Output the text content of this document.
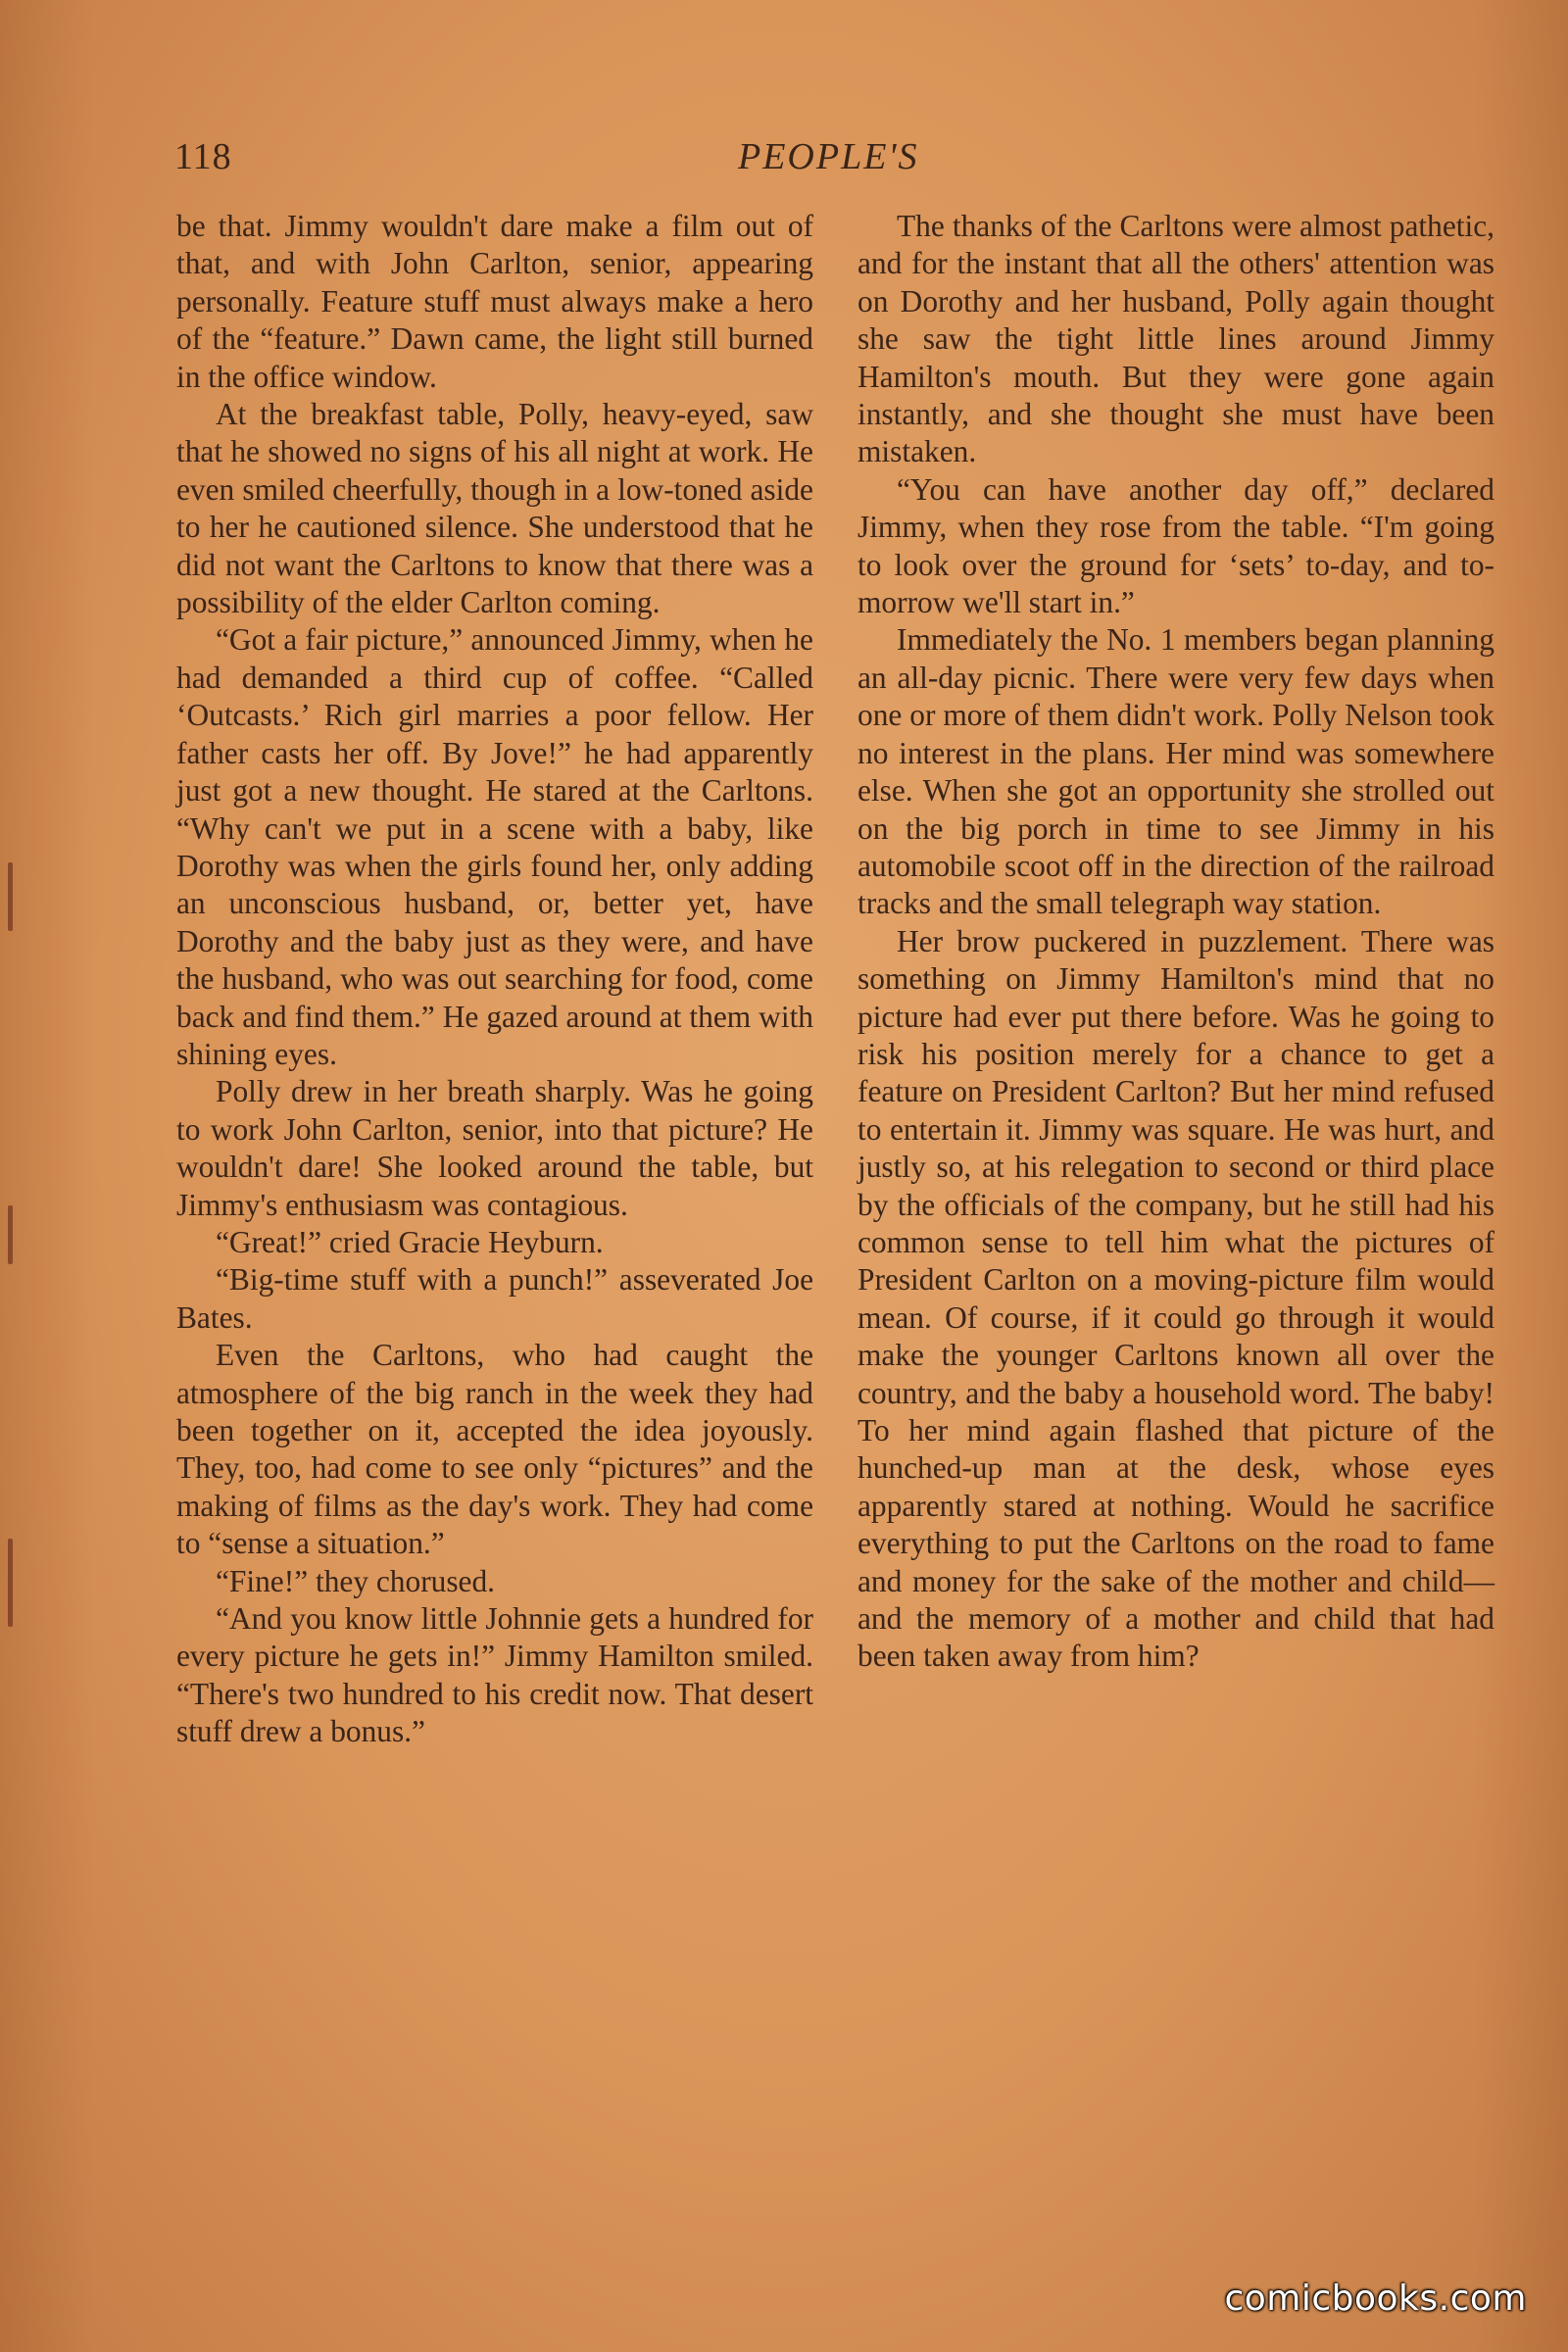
118	PEOPLE'S

be that. Jimmy wouldn't dare make a film out of that, and with John Carlton, senior, appearing personally. Feature stuff must always make a hero of the “feature.” Dawn came, the light still burned in the office window.

At the breakfast table, Polly, heavy-eyed, saw that he showed no signs of his all night at work. He even smiled cheerfully, though in a low-toned aside to her he cautioned silence. She understood that he did not want the Carltons to know that there was a possibility of the elder Carlton coming.

“Got a fair picture,” announced Jimmy, when he had demanded a third cup of coffee. “Called ‘Outcasts.’ Rich girl marries a poor fellow. Her father casts her off. By Jove!” he had apparently just got a new thought. He stared at the Carltons. “Why can't we put in a scene with a baby, like Dorothy was when the girls found her, only adding an unconscious husband, or, better yet, have Dorothy and the baby just as they were, and have the husband, who was out searching for food, come back and find them.” He gazed around at them with shining eyes.

Polly drew in her breath sharply. Was he going to work John Carlton, senior, into that picture? He wouldn't dare! She looked around the table, but Jimmy's enthusiasm was contagious.

“Great!” cried Gracie Heyburn.

“Big-time stuff with a punch!” asseverated Joe Bates.

Even the Carltons, who had caught the atmosphere of the big ranch in the week they had been together on it, accepted the idea joyously. They, too, had come to see only “pictures” and the making of films as the day's work. They had come to “sense a situation.”

“Fine!” they chorused.

“And you know little Johnnie gets a hundred for every picture he gets in!” Jimmy Hamilton smiled. “There's two hundred to his credit now. That desert stuff drew a bonus.”

The thanks of the Carltons were almost pathetic, and for the instant that all the others' attention was on Dorothy and her husband, Polly again thought she saw the tight little lines around Jimmy Hamilton's mouth. But they were gone again instantly, and she thought she must have been mistaken.

“You can have another day off,” declared Jimmy, when they rose from the table. “I'm going to look over the ground for ‘sets’ to-day, and to-morrow we'll start in.”

Immediately the No. 1 members began planning an all-day picnic. There were very few days when one or more of them didn't work. Polly Nelson took no interest in the plans. Her mind was somewhere else. When she got an opportunity she strolled out on the big porch in time to see Jimmy in his automobile scoot off in the direction of the railroad tracks and the small telegraph way station.

Her brow puckered in puzzlement. There was something on Jimmy Hamilton's mind that no picture had ever put there before. Was he going to risk his position merely for a chance to get a feature on President Carlton? But her mind refused to entertain it. Jimmy was square. He was hurt, and justly so, at his relegation to second or third place by the officials of the company, but he still had his common sense to tell him what the pictures of President Carlton on a moving-picture film would mean. Of course, if it could go through it would make the younger Carltons known all over the country, and the baby a household word. The baby! To her mind again flashed that picture of the hunched-up man at the desk, whose eyes apparently stared at nothing. Would he sacrifice everything to put the Carltons on the road to fame and money for the sake of the mother and child—and the memory of a mother and child that had been taken away from him?

comicbooks.com
